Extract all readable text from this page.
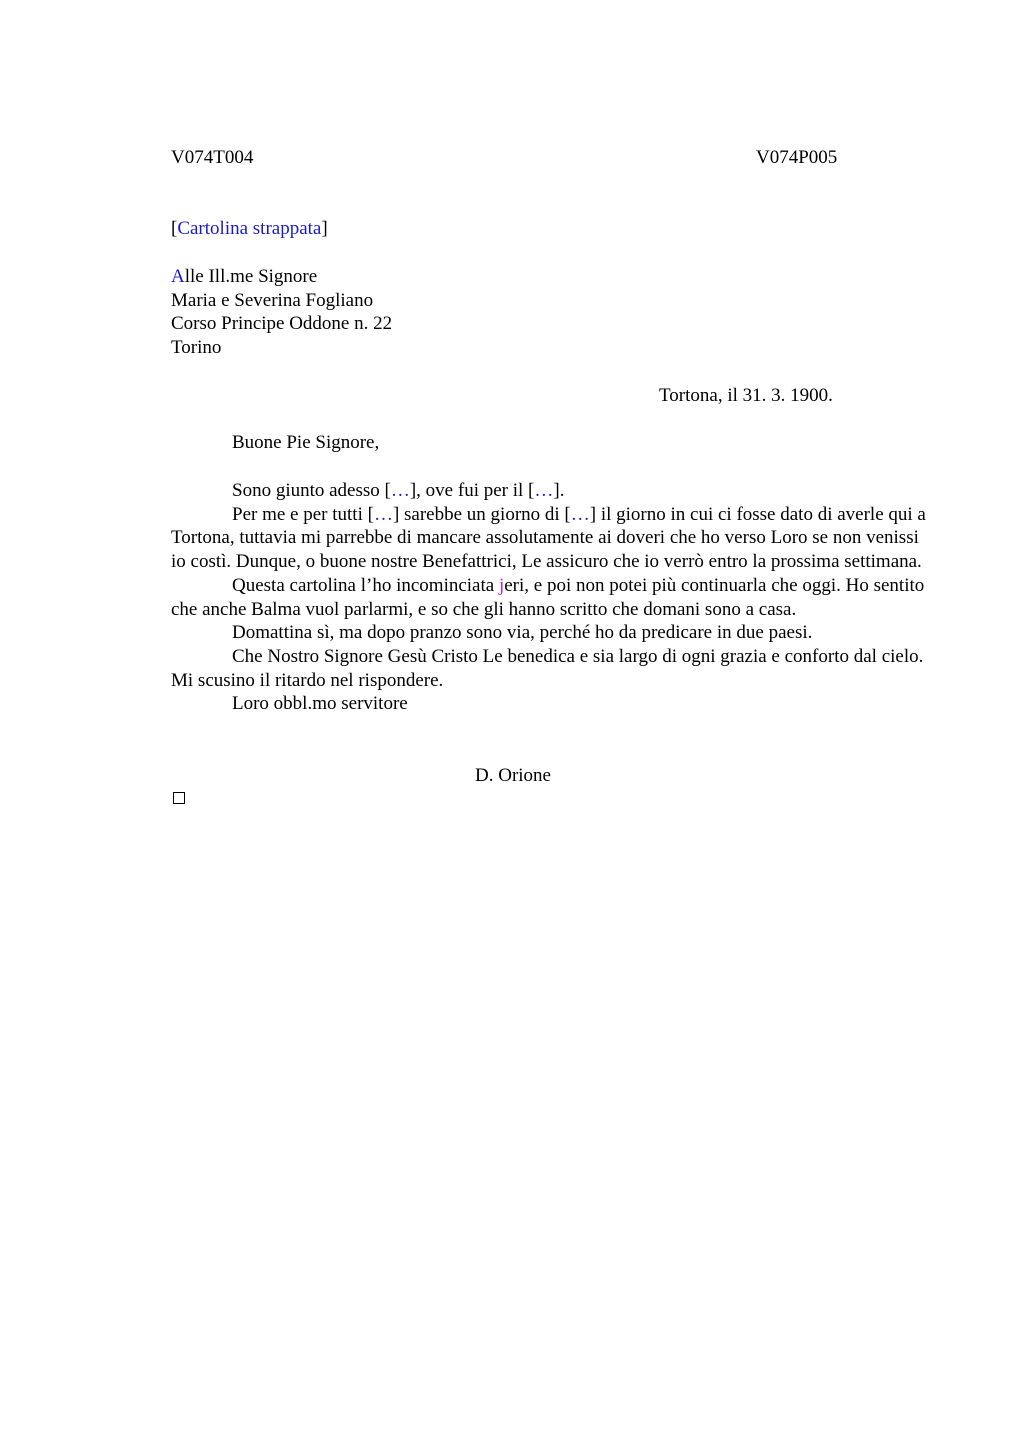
V074T004	V074P005
[Cartolina strappata]
Alle Ill.me Signore
Maria e Severina Fogliano
Corso Principe Oddone n. 22
Torino
Tortona, il 31. 3. 1900.
Buone Pie Signore,
Sono giunto adesso […], ove fui per il […].
Per me e per tutti […] sarebbe un giorno di […] il giorno in cui ci fosse dato di averle qui a Tortona, tuttavia mi parrebbe di mancare assolutamente ai doveri che ho verso Loro se non venissi io costì. Dunque, o buone nostre Benefattrici, Le assicuro che io verrò entro la prossima settimana.
Questa cartolina l’ho incominciata jeri, e poi non potei più continuarla che oggi. Ho sentito che anche Balma vuol parlarmi, e so che gli hanno scritto che domani sono a casa.
Domattina sì, ma dopo pranzo sono via, perché ho da predicare in due paesi.
Che Nostro Signore Gesù Cristo Le benedica e sia largo di ogni grazia e conforto dal cielo. Mi scusino il ritardo nel rispondere.
Loro obbl.mo servitore
D. Orione
